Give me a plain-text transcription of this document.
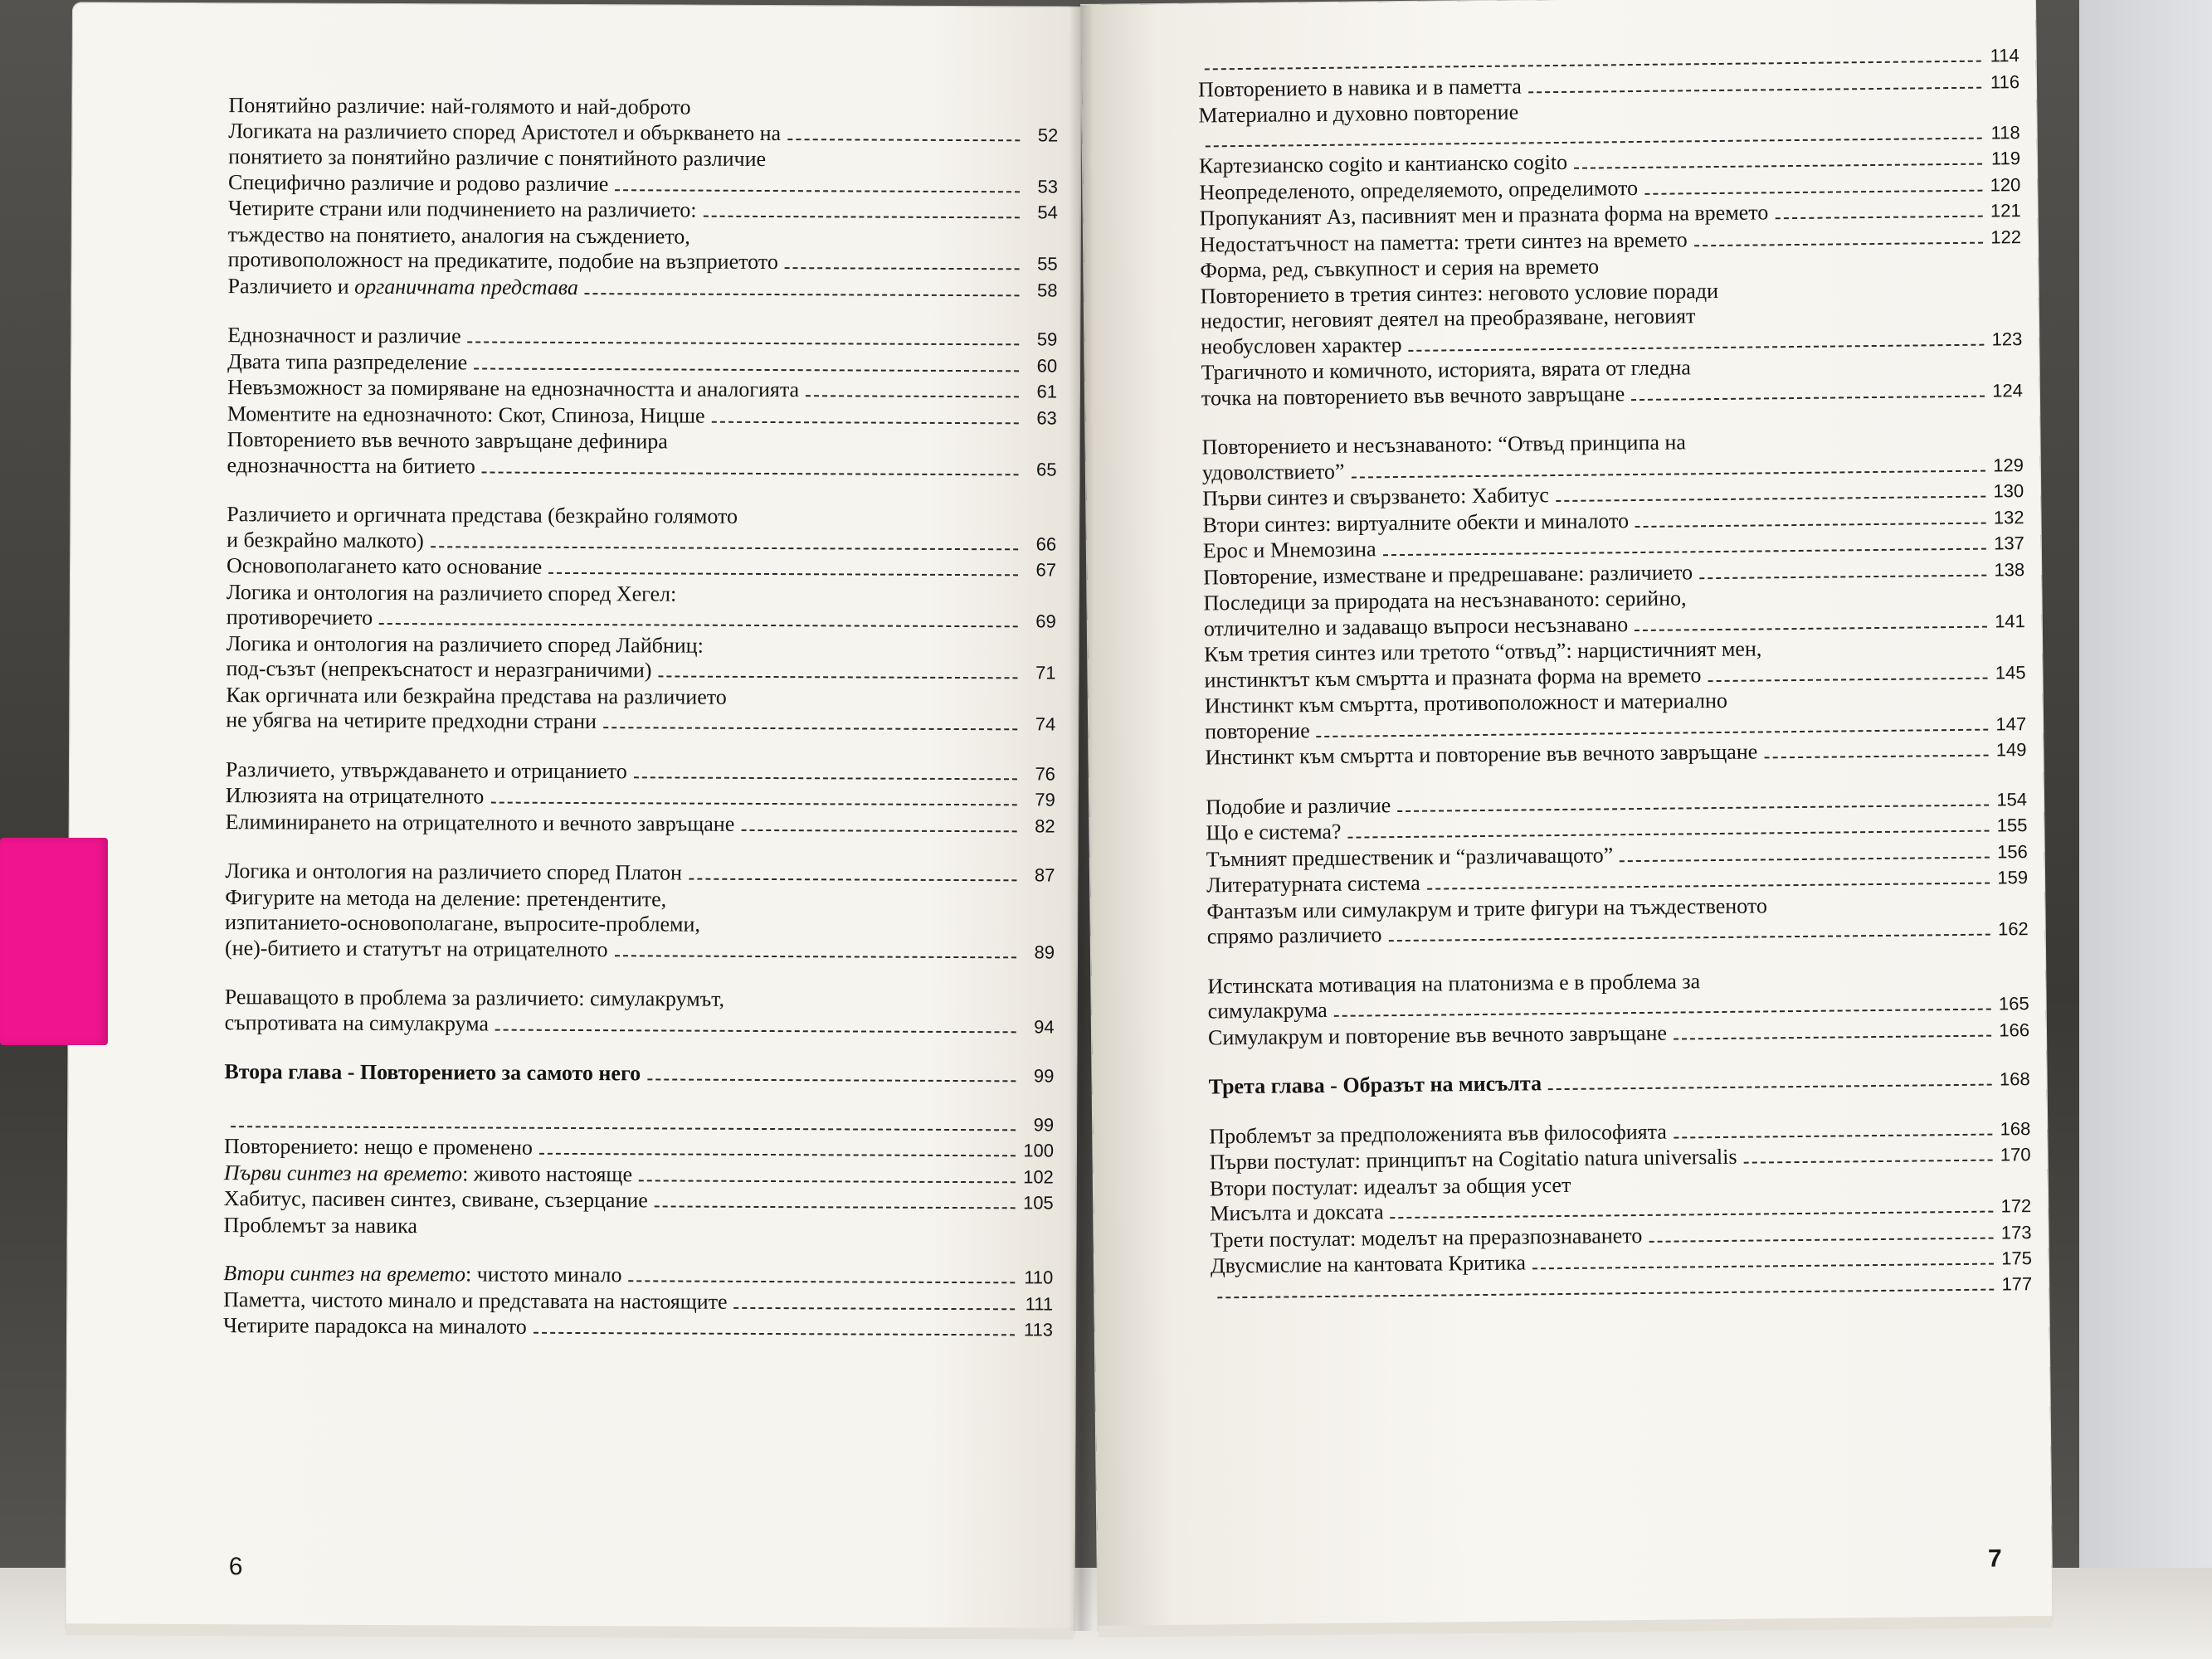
Понятийно различие: най-голямото и най-доброто
Логиката на различието според Аристотел и объркването на	52
понятието за понятийно различие с понятийното различие
Специфично различие и родово различие	53
Четирите страни или подчинението на различието:	54
тъждество на понятието, аналогия на съждението,
противоположност на предикатите, подобие на възприетото	55
Различието и органичната представа	58
Еднозначност и различие	59
Двата типа разпределение	60
Невъзможност за помиряване на еднозначността и аналогията	61
Моментите на еднозначното: Скот, Спиноза, Ницше	63
Повторението във вечното завръщане дефинира
еднозначността на битието	65
Различието и оргичната представа (безкрайно голямото
и безкрайно малкото)	66
Основополагането като основание	67
Логика и онтология на различието според Хегел:
противоречието	69
Логика и онтология на различието според Лайбниц:
под-съзът (непрекъснатост и неразграничими)	71
Как оргичната или безкрайна представа на различието
не убягва на четирите предходни страни	74
Различието, утвърждаването и отрицанието	76
Илюзията на отрицателното	79
Елиминирането на отрицателното и вечното завръщане	82
Логика и онтология на различието според Платон	87
Фигурите на метода на деление: претендентите,
изпитанието-основополагане, въпросите-проблеми,
(не)-битието и статутът на отрицателното	89
Решаващото в проблема за различието: симулакрумът,
съпротивата на симулакрума	94
Втора глава - Повторението за самото него	99
99
Повторението: нещо е променено	100
Първи синтез на времето: живото настояще	102
Хабитус, пасивен синтез, свиване, съзерцание	105
Проблемът за навика
Втори синтез на времето: чистото минало	110
Паметта, чистото минало и представата на настоящите	111
Четирите парадокса на миналото	113
6
114
Повторението в навика и в паметта	116
Материално и духовно повторение
118
Картезианско cogito и кантианско cogito	119
Неопределеното, определяемото, определимото	120
Пропуканият Аз, пасивният мен и празната форма на времето	121
Недостатъчност на паметта: трети синтез на времето	122
Форма, ред, съвкупност и серия на времето
Повторението в третия синтез: неговото условие поради
недостиг, неговият деятел на преобразяване, неговият
необусловен характер	123
Трагичното и комичното, историята, вярата от гледна
точка на повторението във вечното завръщане	124
Повторението и несъзнаваното: “Отвъд принципа на
удоволствието”	129
Първи синтез и свързването: Хабитус	130
Втори синтез: виртуалните обекти и миналото	132
Ерос и Мнемозина	137
Повторение, изместване и предрешаване: различието	138
Последици за природата на несъзнаваното: серийно,
отличително и задаващо въпроси несъзнавано	141
Към третия синтез или третото “отвъд”: нарцистичният мен,
инстинктът към смъртта и празната форма на времето	145
Инстинкт към смъртта, противоположност и материално
повторение	147
Инстинкт към смъртта и повторение във вечното завръщане	149
Подобие и различие	154
Що е система?	155
Тъмният предшественик и “различаващото”	156
Литературната система	159
Фантазъм или симулакрум и трите фигури на тъждественото
спрямо различието	162
Истинската мотивация на платонизма е в проблема за
симулакрума	165
Симулакрум и повторение във вечното завръщане	166
Трета глава - Образът на мисълта	168
Проблемът за предположенията във философията	168
Първи постулат: принципът на Cogitatio natura universalis	170
Втори постулат: идеалът за общия усет
Мисълта и доксата	172
Трети постулат: моделът на преразпознаването	173
Двусмислие на кантовата Критика	175
177
7
